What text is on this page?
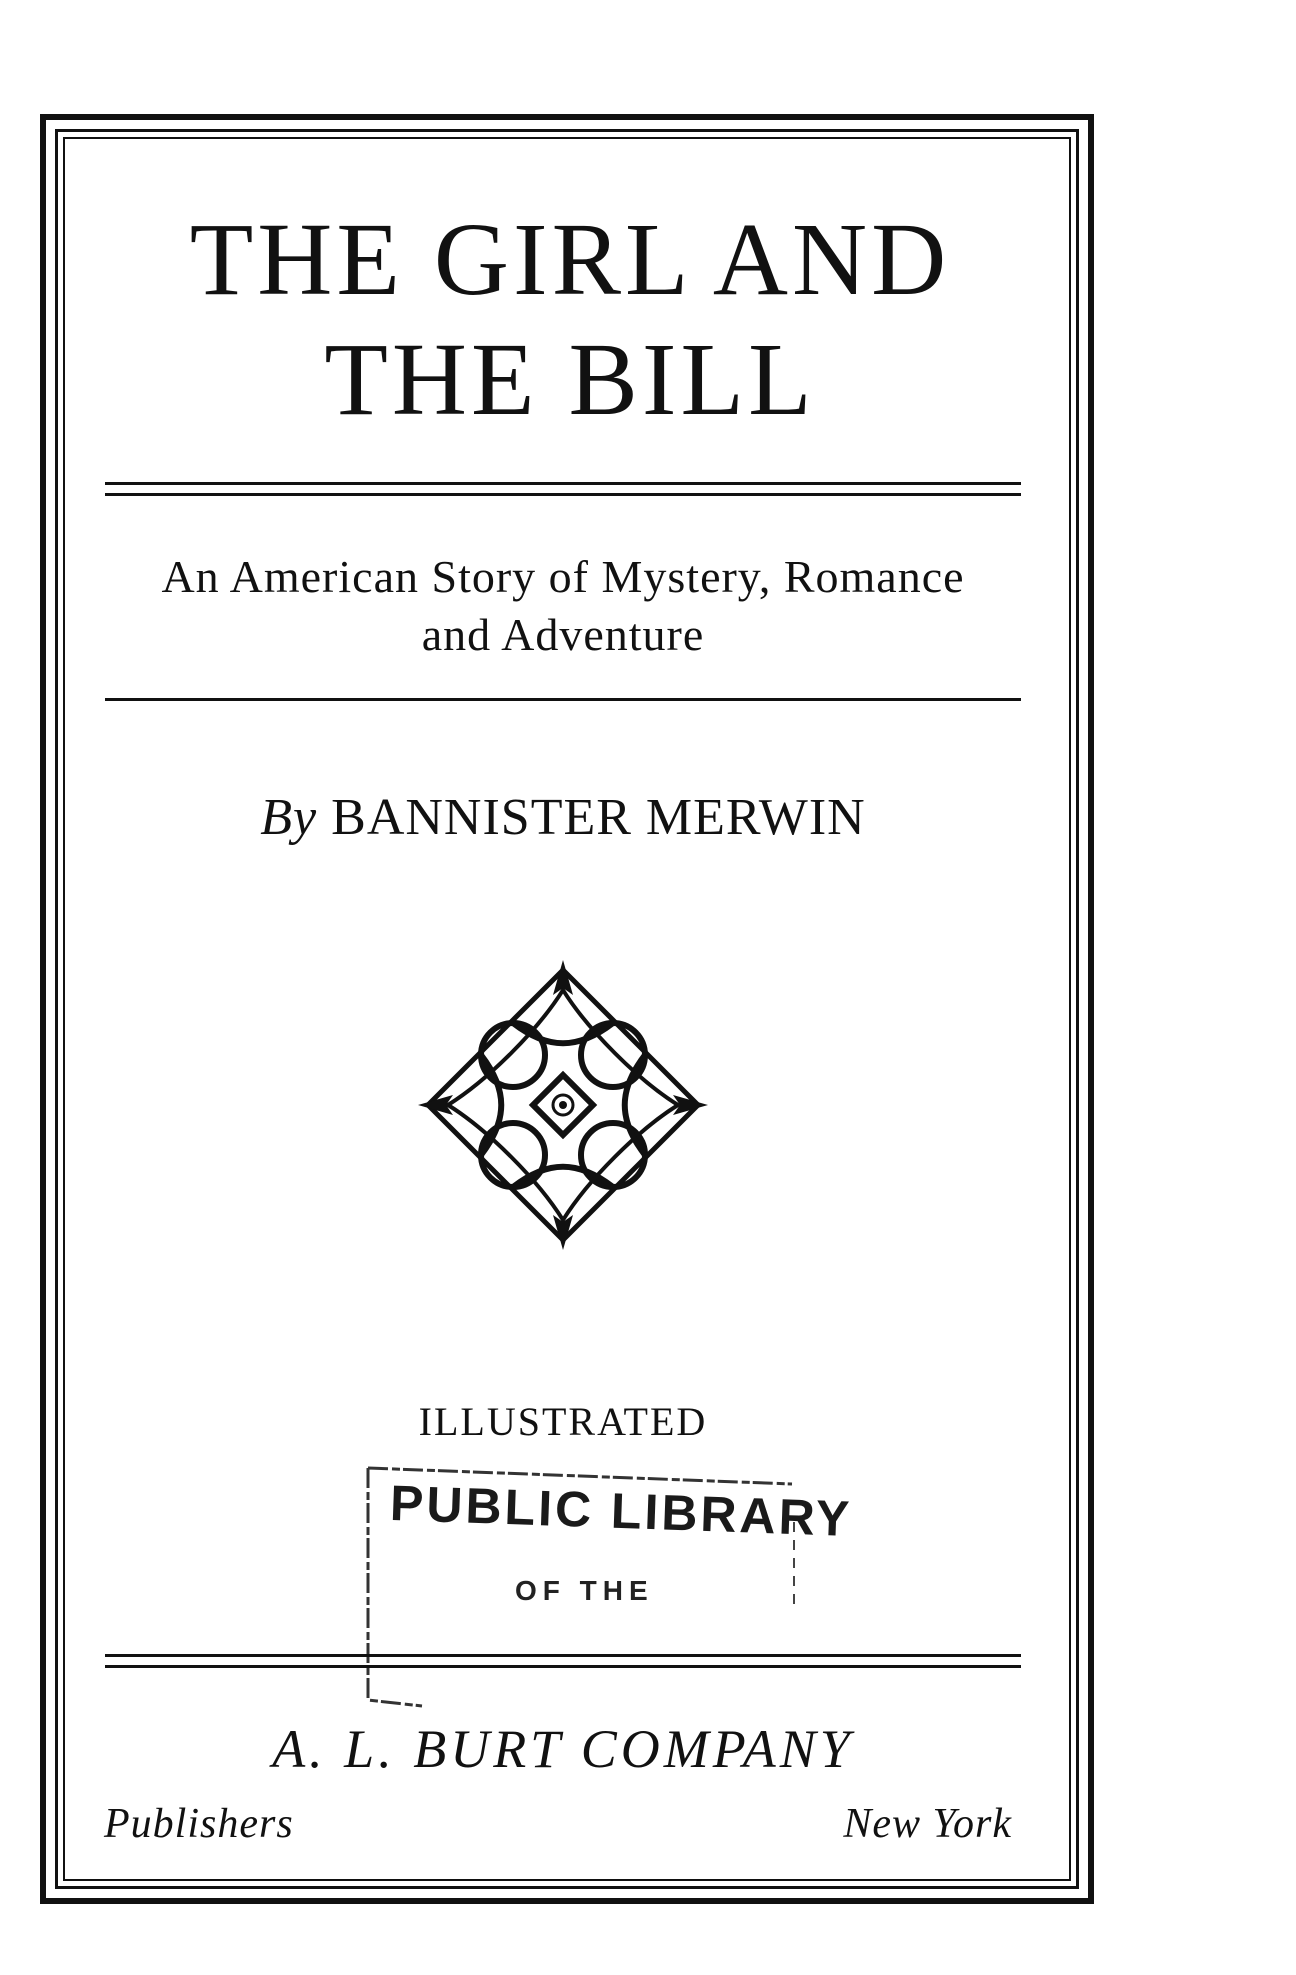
THE GIRL AND
THE BILL
An American Story of Mystery, Romance
and Adventure
By BANNISTER MERWIN
ILLUSTRATED
PUBLIC LIBRARY
OF THE
A. L. BURT COMPANY
Publishers	New York
